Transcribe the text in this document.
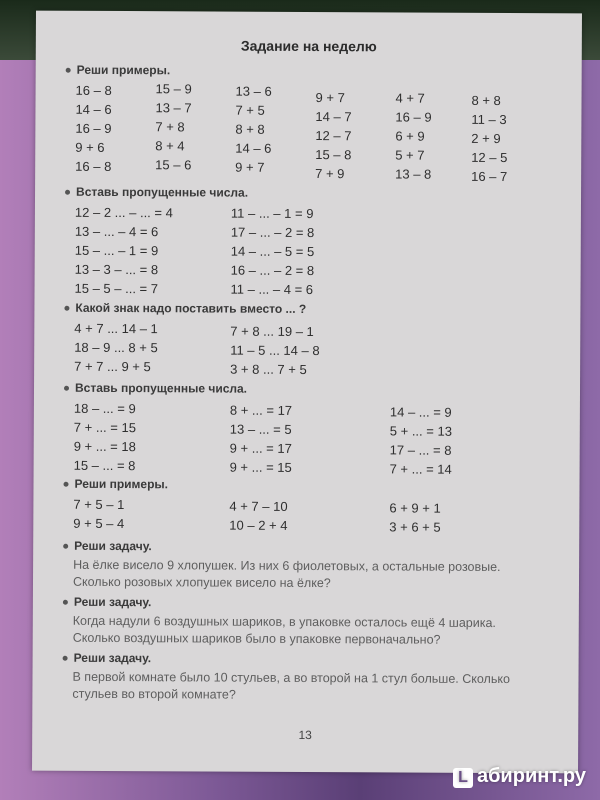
Задание на неделю
Реши примеры.
16 – 8	15 – 9	13 – 6	9 + 7	4 + 7	8 + 8
14 – 6	13 – 7	7 + 5	14 – 7	16 – 9	11 – 3
16 – 9	7 + 8	8 + 8	12 – 7	6 + 9	2 + 9
9 + 6	8 + 4	14 – 6	15 – 8	5 + 7	12 – 5
16 – 8	15 – 6	9 + 7	7 + 9	13 – 8	16 – 7
Вставь пропущенные числа.
12 – 2 ... – ... = 4	11 – ... – 1 = 9
13 – ... – 4 = 6	17 – ... – 2 = 8
15 – ... – 1 = 9	14 – ... – 5 = 5
13 – 3 – ... = 8	16 – ... – 2 = 8
15 – 5 – ... = 7	11 – ... – 4 = 6
Какой знак надо поставить вместо ... ?
4 + 7 ... 14 – 1	7 + 8 ... 19 – 1
18 – 9 ... 8 + 5	11 – 5 ... 14 – 8
7 + 7 ... 9 + 5	3 + 8 ... 7 + 5
Вставь пропущенные числа.
18 – ... = 9	8 + ... = 17	14 – ... = 9
7 + ... = 15	13 – ... = 5	5 + ... = 13
9 + ... = 18	9 + ... = 17	17 – ... = 8
15 – ... = 8	9 + ... = 15	7 + ... = 14
Реши примеры.
7 + 5 – 1	4 + 7 – 10	6 + 9 + 1
9 + 5 – 4	10 – 2 + 4	3 + 6 + 5
Реши задачу.
На ёлке висело 9 хлопушек. Из них 6 фиолетовых, а остальные розовые.
Сколько розовых хлопушек висело на ёлке?
Реши задачу.
Когда надули 6 воздушных шариков, в упаковке осталось ещё 4 шарика.
Сколько воздушных шариков было в упаковке первоначально?
Реши задачу.
В первой комнате было 10 стульев, а во второй на 1 стул больше. Сколько
стульев во второй комнате?
13
L абиринт.ру
